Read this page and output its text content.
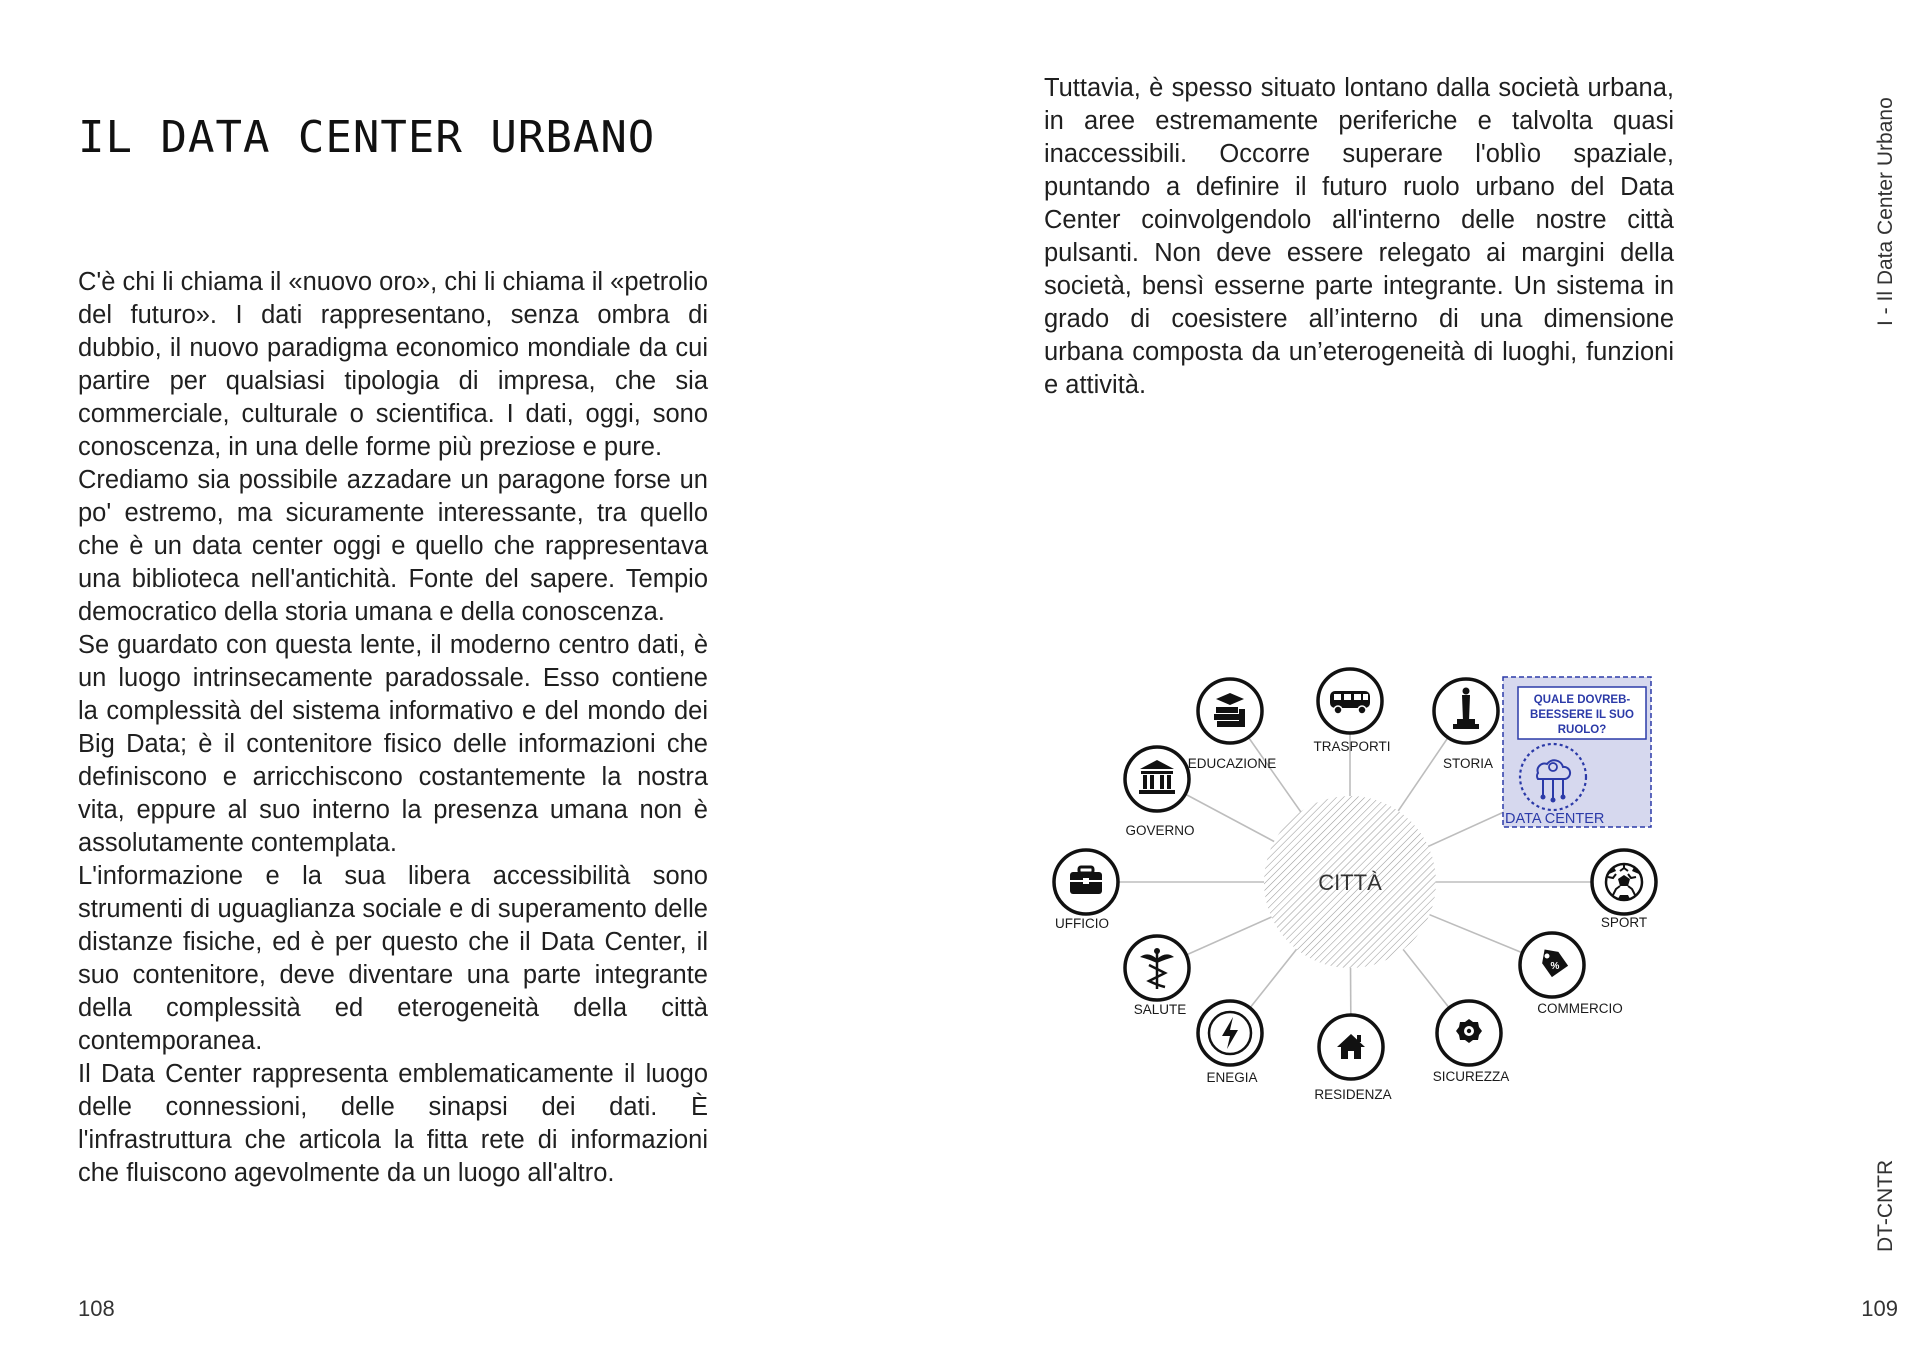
IL DATA CENTER URBANO

C'è chi li chiama il «nuovo oro», chi li chiama il «petrolio del futuro». I dati rappresentano, senza ombra di dubbio, il nuovo paradigma economico mondiale da cui partire per qualsiasi tipologia di impresa, che sia commerciale, culturale o scientifica. I dati, oggi, sono conoscenza, in una delle forme più preziose e pure.

Crediamo sia possibile azzadare un paragone forse un po' estremo, ma sicuramente interessante, tra quello che è un data center oggi e quello che rappresentava una biblioteca nell'antichità. Fonte del sapere. Tempio democratico della storia umana e della conoscenza.

Se guardato con questa lente, il moderno centro dati, è un luogo intrinsecamente paradossale. Esso contiene la complessità del sistema informativo e del mondo dei Big Data; è il contenitore fisico delle informazioni che definiscono e arricchiscono costantemente la nostra vita, eppure al suo interno la presenza umana non è assolutamente contemplata.

L'informazione e la sua libera accessibilità sono strumenti di uguaglianza sociale e di superamento delle distanze fisiche, ed è per questo che il Data Center, il suo contenitore, deve diventare una parte integrante della complessità ed eterogeneità della città contemporanea.

Il Data Center rappresenta emblematicamente il luogo delle connessioni, delle sinapsi dei dati. È l'infrastruttura che articola la fitta rete di informazioni che fluiscono agevolmente da un luogo all'altro.

108

Tuttavia, è spesso situato lontano dalla società urbana, in aree estremamente periferiche e talvolta quasi inaccessibili. Occorre superare l'oblìo spaziale, puntando a definire il futuro ruolo urbano del Data Center coinvolgendolo all'interno delle nostre città pulsanti. Non deve essere relegato ai margini della società, bensì esserne parte integrante. Un sistema in grado di coesistere all’interno di una dimensione urbana composta da un’eterogeneità di luoghi, funzioni e attività.

109
I - Il Data Center Urbano
DT-CNTR
CITTÀ
QUALE DOVREB-
BEESSERE IL SUO
RUOLO?
DATA CENTER
TRASPORTI
STORIA
EDUCAZIONE
GOVERNO
UFFICIO
SALUTE
ENEGIA
RESIDENZA
SICUREZZA
%
COMMERCIO
SPORT
